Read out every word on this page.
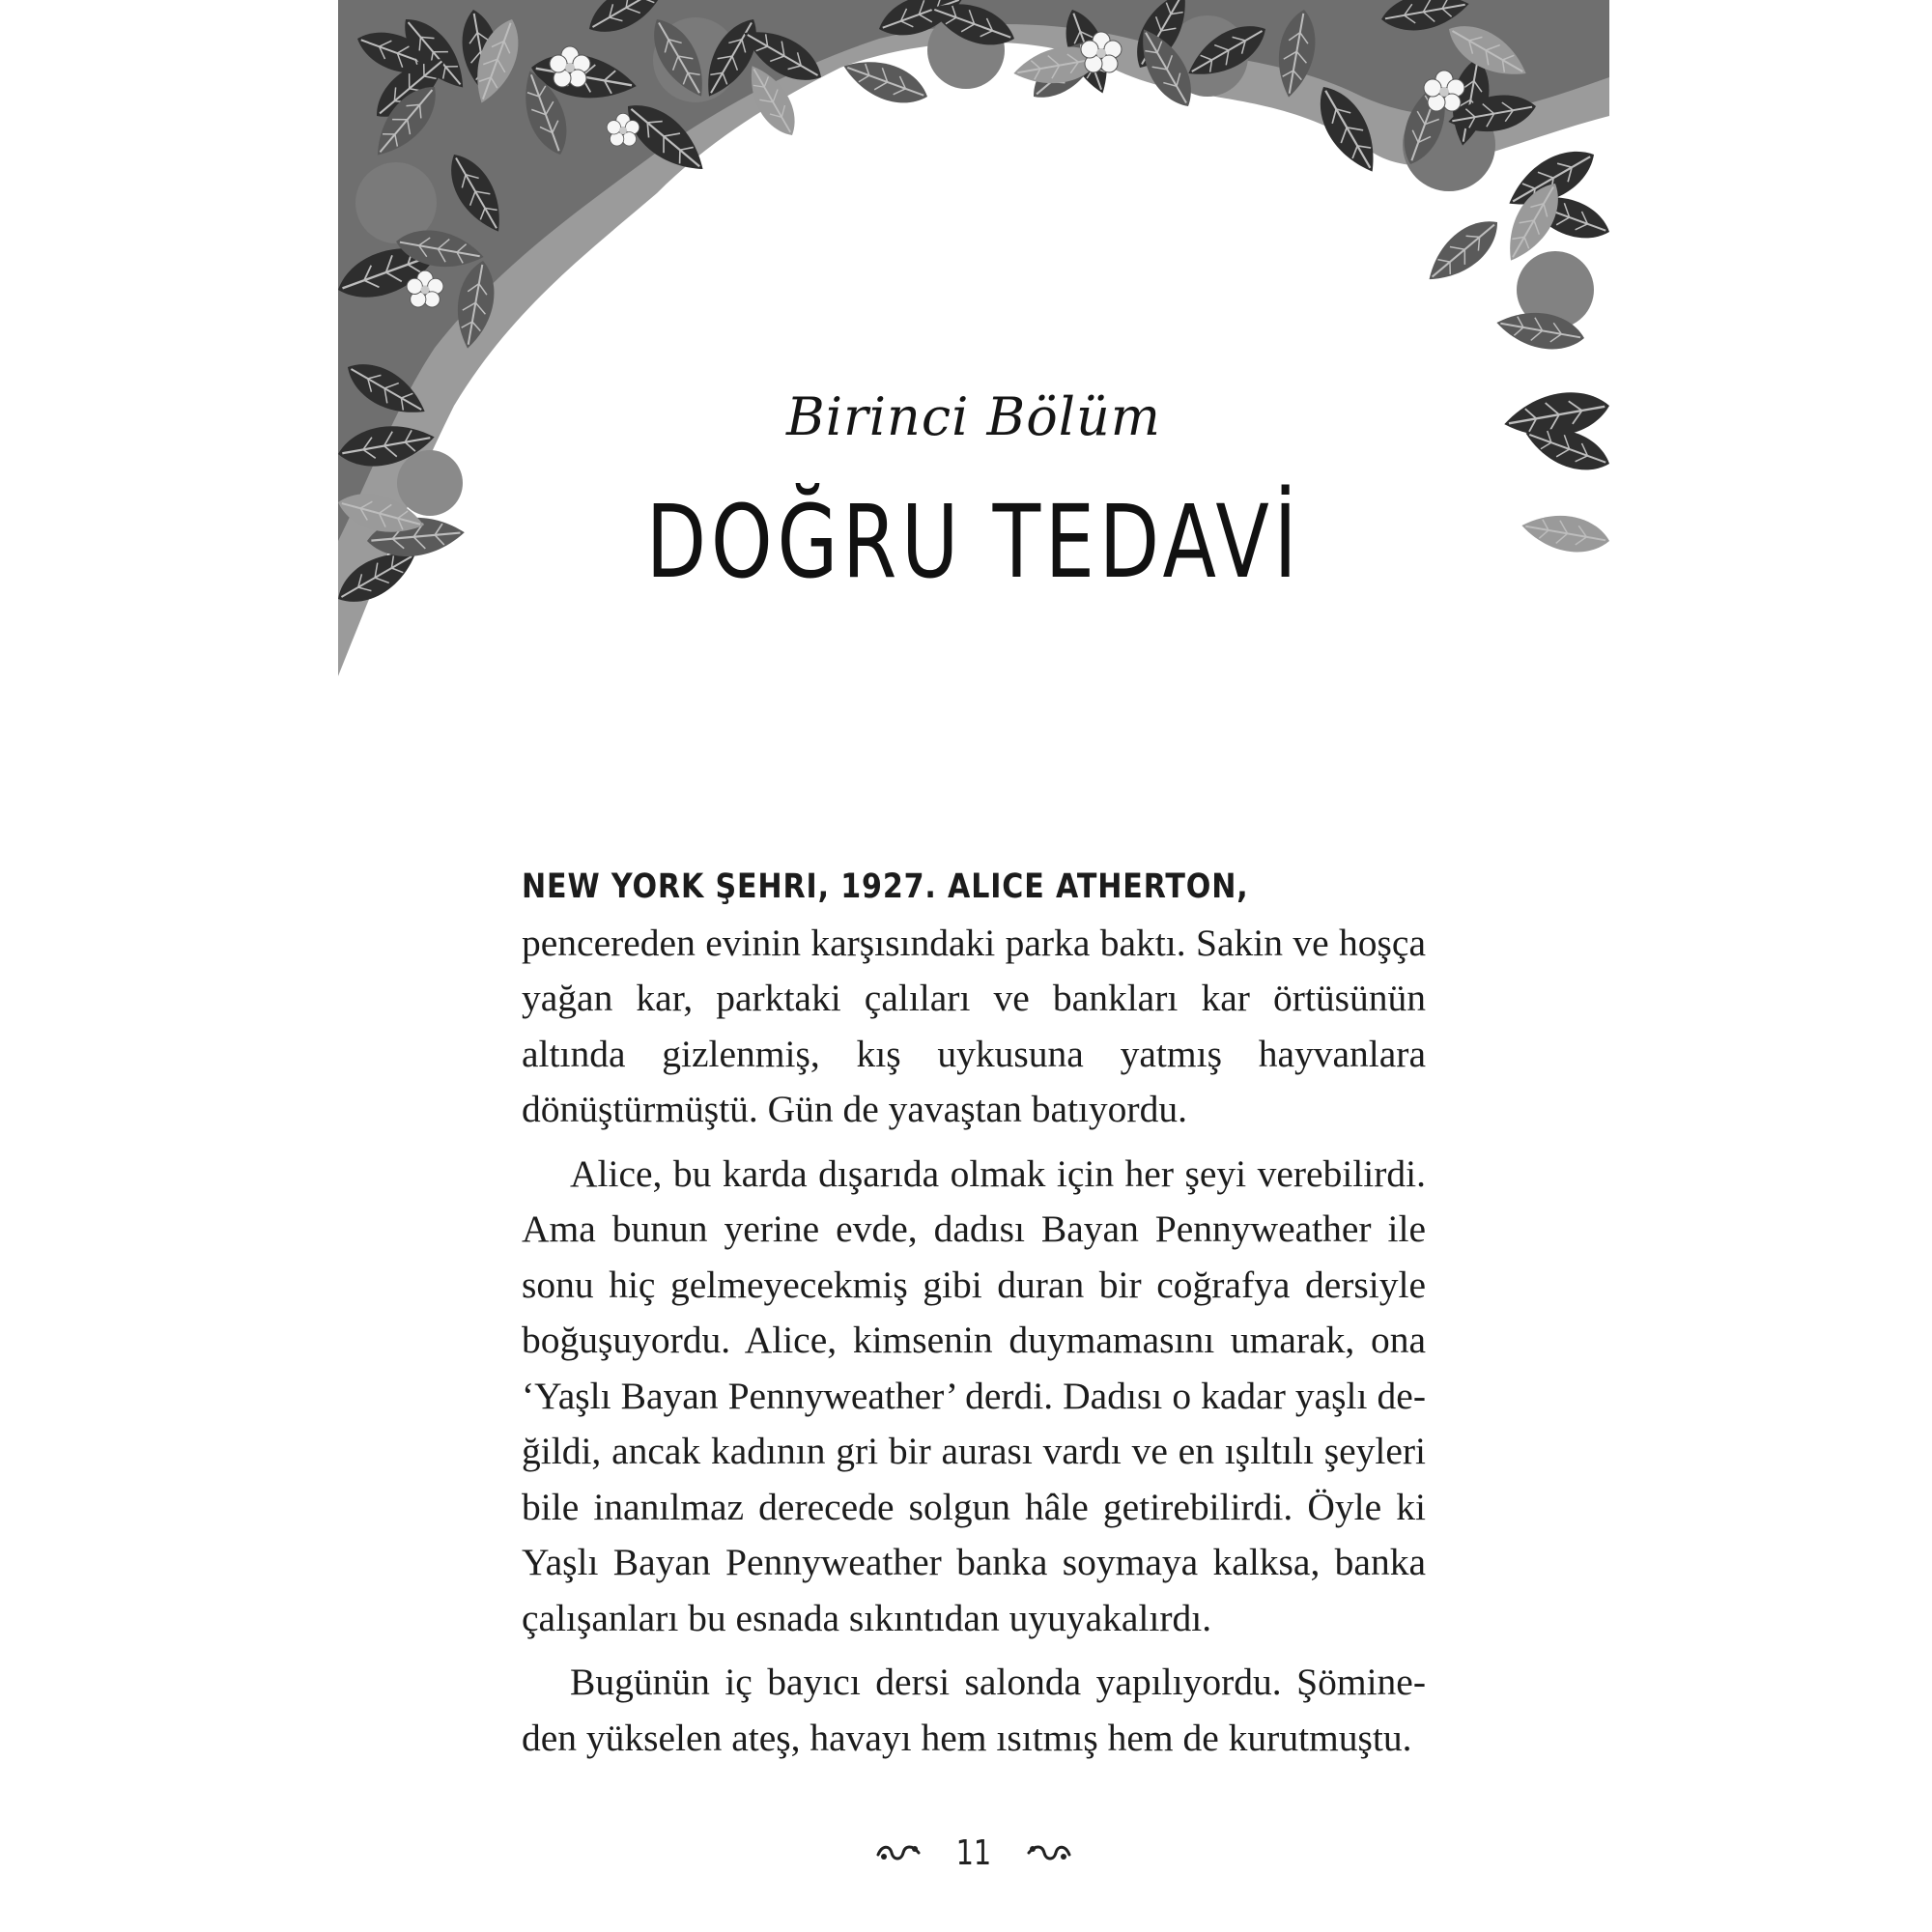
Birinci Bölüm
DOĞRU TEDAVİ

NEW YORK ŞEHRI, 1927. ALICE ATHERTON, pencereden evinin karşısındaki parka baktı. Sakin ve hoşça yağan kar, parktaki çalıları ve bankları kar örtüsünün altında gizlenmiş, kış uykusuna yatmış hayvanlara dönüştürmüştü. Gün de yavaştan batıyordu.

Alice, bu karda dışarıda olmak için her şeyi verebilirdi. Ama bunun yerine evde, dadısı Bayan Pennyweather ile sonu hiç gelmeyecekmiş gibi duran bir coğrafya dersiyle boğuşuyordu. Alice, kimsenin duymamasını umarak, ona ‘Yaşlı Bayan Pennyweather’ derdi. Dadısı o kadar yaşlı değildi, ancak kadının gri bir aurası vardı ve en ışıltılı şeyleri bile inanılmaz derecede solgun hâle getirebilirdi. Öyle ki Yaşlı Bayan Pennyweather banka soymaya kalksa, banka çalışanları bu esnada sıkıntıdan uyuyakalırdı.

Bugünün iç bayıcı dersi salonda yapılıyordu. Şömineden yükselen ateş, havayı hem ısıtmış hem de kurutmuştu.

11
